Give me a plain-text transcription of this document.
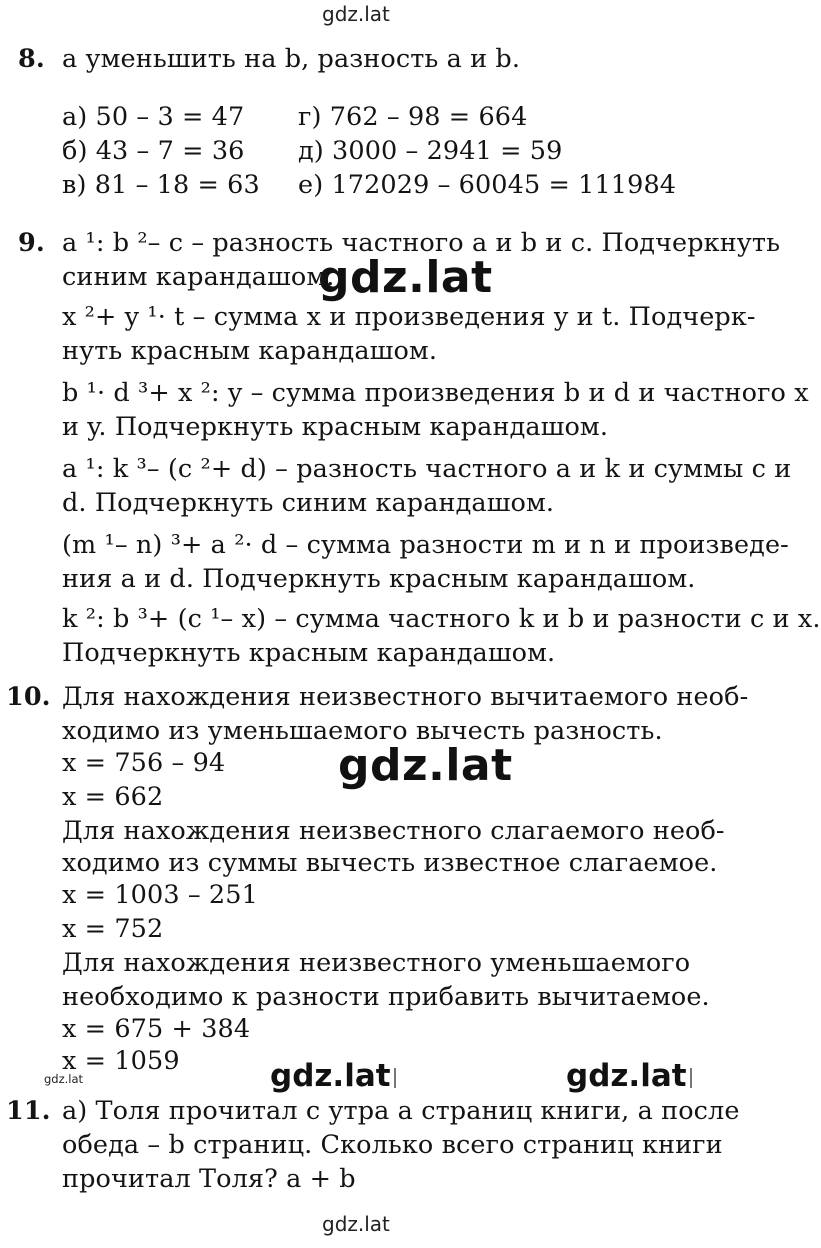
gdz.lat
gdz.lat
gdz.lat
gdz.lat	gdz.lat	gdz.lat
gdz.lat
8. a уменьшить на b, разность a и b.
а) 50 – 3 = 47
б) 43 – 7 = 36
в) 81 – 18 = 63
г) 762 – 98 = 664
д) 3000 – 2941 = 59
е) 172029 – 60045 = 111984
9. a ¹: b ²– c – разность частного a и b и c. Подчеркнуть
синим карандашом.
x ²+ y ¹· t – сумма x и произведения y и t. Подчерк-
нуть красным карандашом.
b ¹· d ³+ x ²: y – сумма произведения b и d и частного x
и y. Подчеркнуть красным карандашом.
a ¹: k ³– (c ²+ d) – разность частного a и k и суммы c и
d. Подчеркнуть синим карандашом.
(m ¹– n) ³+ a ²· d – сумма разности m и n и произведе-
ния a и d. Подчеркнуть красным карандашом.
k ²: b ³+ (c ¹– x) – сумма частного k и b и разности c и x.
Подчеркнуть красным карандашом.
10. Для нахождения неизвестного вычитаемого необ-
ходимо из уменьшаемого вычесть разность.
x = 756 – 94
x = 662
Для нахождения неизвестного слагаемого необ-
ходимо из суммы вычесть известное слагаемое.
x = 1003 – 251
x = 752
Для нахождения неизвестного уменьшаемого
необходимо к разности прибавить вычитаемое.
x = 675 + 384
x = 1059
11. а) Толя прочитал с утра a страниц книги, а после
обеда – b страниц. Сколько всего страниц книги
прочитал Толя? a + b
